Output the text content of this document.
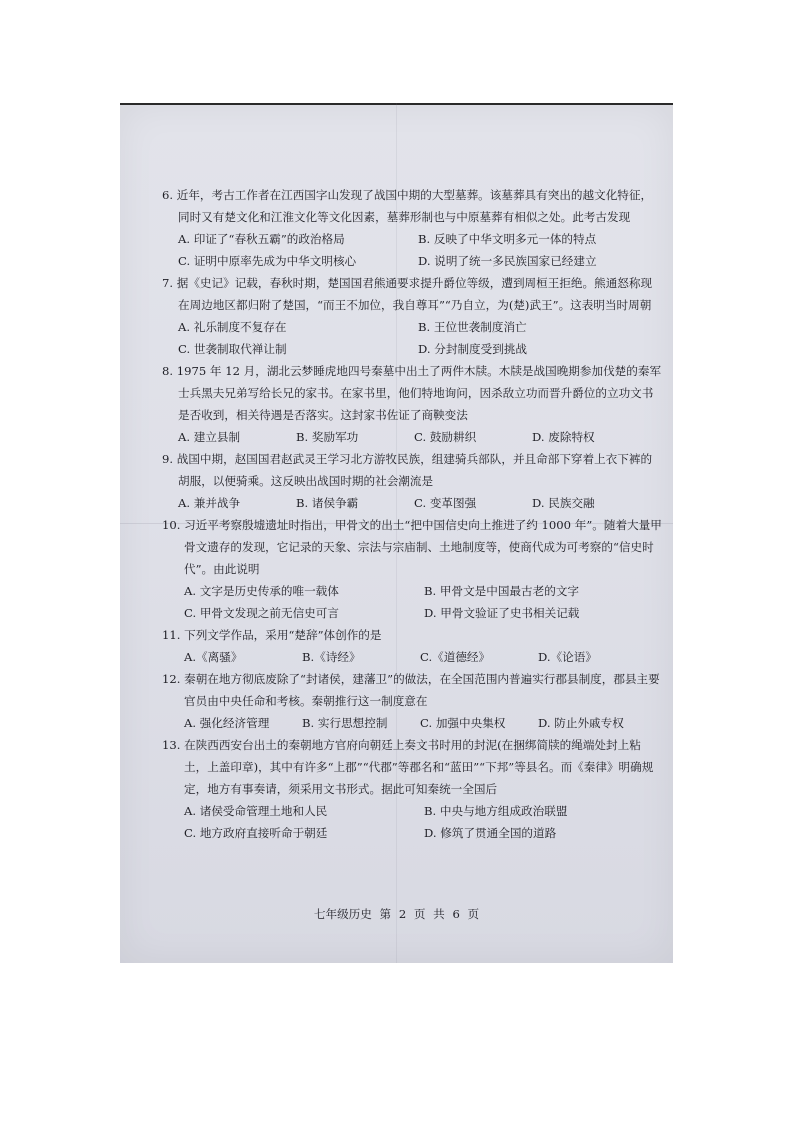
6. 近年，考古工作者在江西国字山发现了战国中期的大型墓葬。该墓葬具有突出的越文化特征，同时又有楚文化和江淮文化等文化因素，墓葬形制也与中原墓葬有相似之处。此考古发现

A. 印证了“春秋五霸”的政治格局	B. 反映了中华文明多元一体的特点
C. 证明中原率先成为中华文明核心	D. 说明了统一多民族国家已经建立

7. 据《史记》记载，春秋时期，楚国国君熊通要求提升爵位等级，遭到周桓王拒绝。熊通怒称现在周边地区都归附了楚国，“而王不加位，我自尊耳”“乃自立，为(楚)武王”。这表明当时周朝

A. 礼乐制度不复存在	B. 王位世袭制度消亡
C. 世袭制取代禅让制	D. 分封制度受到挑战

8. 1975 年 12 月，湖北云梦睡虎地四号秦墓中出土了两件木牍。木牍是战国晚期参加伐楚的秦军士兵黑夫兄弟写给长兄的家书。在家书里，他们特地询问，因杀敌立功而晋升爵位的立功文书是否收到，相关待遇是否落实。这封家书佐证了商鞅变法

A. 建立县制	B. 奖励军功	C. 鼓励耕织	D. 废除特权

9. 战国中期，赵国国君赵武灵王学习北方游牧民族，组建骑兵部队，并且命部下穿着上衣下裤的胡服，以便骑乘。这反映出战国时期的社会潮流是

A. 兼并战争	B. 诸侯争霸	C. 变革图强	D. 民族交融

10. 习近平考察殷墟遗址时指出，甲骨文的出土“把中国信史向上推进了约 1000 年”。随着大量甲骨文遗存的发现，它记录的天象、宗法与宗庙制、土地制度等，使商代成为可考察的“信史时代”。由此说明

A. 文字是历史传承的唯一载体	B. 甲骨文是中国最古老的文字
C. 甲骨文发现之前无信史可言	D. 甲骨文验证了史书相关记载

11. 下列文学作品，采用“楚辞”体创作的是

A.《离骚》	B.《诗经》	C.《道德经》	D.《论语》

12. 秦朝在地方彻底废除了“封诸侯，建藩卫”的做法，在全国范围内普遍实行郡县制度，郡县主要官员由中央任命和考核。秦朝推行这一制度意在

A. 强化经济管理	B. 实行思想控制	C. 加强中央集权	D. 防止外戚专权

13. 在陕西西安台出土的秦朝地方官府向朝廷上奏文书时用的封泥(在捆绑简牍的绳端处封上粘土，上盖印章)，其中有许多“上郡”“代郡”等郡名和“蓝田”“下邦”等县名。而《秦律》明确规定，地方有事奏请，须采用文书形式。据此可知秦统一全国后

A. 诸侯受命管理土地和人民	B. 中央与地方组成政治联盟
C. 地方政府直接听命于朝廷	D. 修筑了贯通全国的道路
七年级历史 第 2 页 共 6 页
